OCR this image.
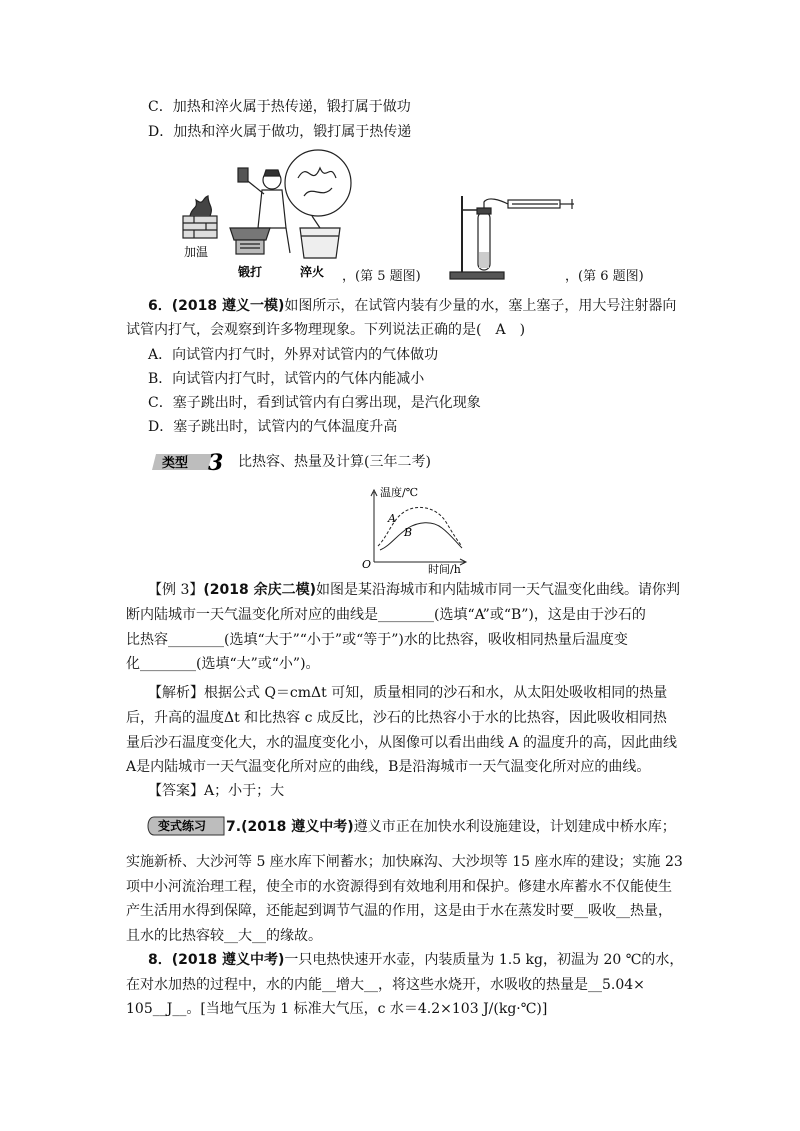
C．加热和淬火属于热传递，锻打属于做功
D．加热和淬火属于做功，锻打属于热传递
加温
锻打	淬火 ，(第 5 题图)	，(第 6 题图)
6．(2018 遵义一模)如图所示，在试管内装有少量的水，塞上塞子，用大号注射器向
试管内打气，会观察到许多物理现象。下列说法正确的是(　A　)
A．向试管内打气时，外界对试管内的气体做功
B．向试管内打气时，试管内的气体内能减小
C．塞子跳出时，看到试管内有白雾出现，是汽化现象
D．塞子跳出时，试管内的气体温度升高
类型 3 比热容、热量及计算(三年二考)
温度/℃
时间/h
O
A
B
【例 3】(2018 余庆二模)如图是某沿海城市和内陆城市同一天气温变化曲线。请你判
断内陆城市一天气温变化所对应的曲线是________(选填“A”或“B”)，这是由于沙石的
比热容________(选填“大于”“小于”或“等于”)水的比热容，吸收相同热量后温度变
化________(选填“大”或“小”)。
【解析】根据公式 Q＝cmΔt 可知，质量相同的沙石和水，从太阳处吸收相同的热量
后，升高的温度Δt 和比热容 c 成反比，沙石的比热容小于水的比热容，因此吸收相同热
量后沙石温度变化大，水的温度变化小，从图像可以看出曲线 A 的温度升的高，因此曲线
A是内陆城市一天气温变化所对应的曲线，B是沿海城市一天气温变化所对应的曲线。
【答案】A；小于；大
变式练习 7.(2018 遵义中考)遵义市正在加快水利设施建设，计划建成中桥水库；
实施新桥、大沙河等 5 座水库下闸蓄水；加快麻沟、大沙坝等 15 座水库的建设；实施 23
项中小河流治理工程，使全市的水资源得到有效地利用和保护。修建水库蓄水不仅能使生
产生活用水得到保障，还能起到调节气温的作用，这是由于水在蒸发时要__吸收__热量，
且水的比热容较__大__的缘故。
8．(2018 遵义中考)一只电热快速开水壶，内装质量为 1.5 kg，初温为 20 ℃的水，
在对水加热的过程中，水的内能__增大__，将这些水烧开，水吸收的热量是__5.04×
105__J__。[当地气压为 1 标准大气压，c 水＝4.2×103 J/(kg·℃)]
